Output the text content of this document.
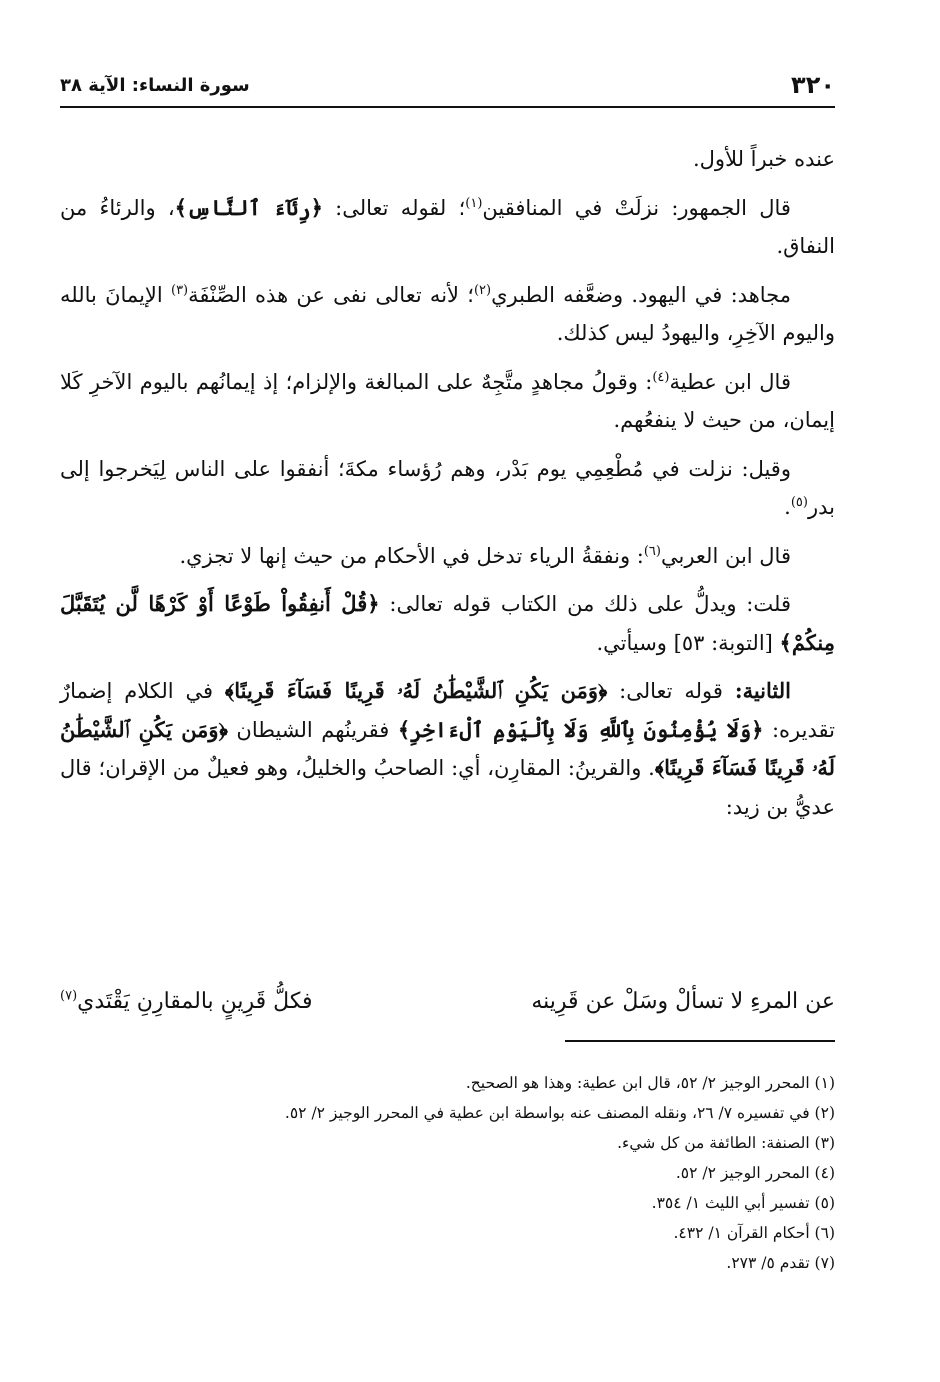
٣٢٠
سورة النساء: الآية ٣٨

عنده خبراً للأول.

قال الجمهور: نزلَتْ في المنافقين$^{(١)}$؛ لقوله تعالى: ﴿رِئَآءَ ٱلنَّاسِ﴾، والرئاءُ من النفاق.

مجاهد: في اليهود. وضعَّفه الطبري$^{(٢)}$؛ لأنه تعالى نفى عن هذه الصِّنْفَة$^{(٣)}$ الإيمانَ بالله واليوم الآخِرِ، واليهودُ ليس كذلك.

قال ابن عطية$^{(٤)}$: وقولُ مجاهدٍ متَّجِهٌ على المبالغة والإلزام؛ إذ إيمانُهم باليوم الآخرِ كَلا إيمان، من حيث لا ينفعُهم.

وقيل: نزلت في مُطْعِمِي يوم بَدْر، وهم رُؤساء مكةَ؛ أنفقوا على الناس لِيَخرجوا إلى بدر$^{(٥)}$.

قال ابن العربي$^{(٦)}$: ونفقةُ الرياء تدخل في الأحكام من حيث إنها لا تجزي.

قلت: ويدلُّ على ذلك من الكتاب قوله تعالى: ﴿قُلْ أَنفِقُواْ طَوْعًا أَوْ كَرْهًا لَّن يُتَقَبَّلَ مِنكُمْ﴾ [التوبة: ٥٣] وسيأتي.

الثانية: قوله تعالى: ﴿وَمَن يَكُنِ ٱلشَّيْطَٰنُ لَهُۥ قَرِينًا فَسَآءَ قَرِينًا﴾ في الكلام إضمارٌ تقديره: ﴿وَلَا يُؤْمِنُونَ بِٱللَّهِ وَلَا بِٱلْيَوْمِ ٱلْءَاخِرِ﴾ فقرينُهم الشيطان ﴿وَمَن يَكُنِ ٱلشَّيْطَٰنُ لَهُۥ قَرِينًا فَسَآءَ قَرِينًا﴾. والقرينُ: المقارِن، أي: الصاحبُ والخليلُ، وهو فعيلٌ من الإقران؛ قال عديُّ بن زيد:

عن المرءِ لا تسألْ وسَلْ عن قَرِينه
فكلُّ قَرِينٍ بالمقارِنِ يَقْتَدي$^{(٧)}$
(١) المحرر الوجيز ٢/ ٥٢، قال ابن عطية: وهذا هو الصحيح.
(٢) في تفسيره ٧/ ٢٦، ونقله المصنف عنه بواسطة ابن عطية في المحرر الوجيز ٢/ ٥٢.
(٣) الصنفة: الطائفة من كل شيء.
(٤) المحرر الوجيز ٢/ ٥٢.
(٥) تفسير أبي الليث ١/ ٣٥٤.
(٦) أحكام القرآن ١/ ٤٣٢.
(٧) تقدم ٥/ ٢٧٣.
